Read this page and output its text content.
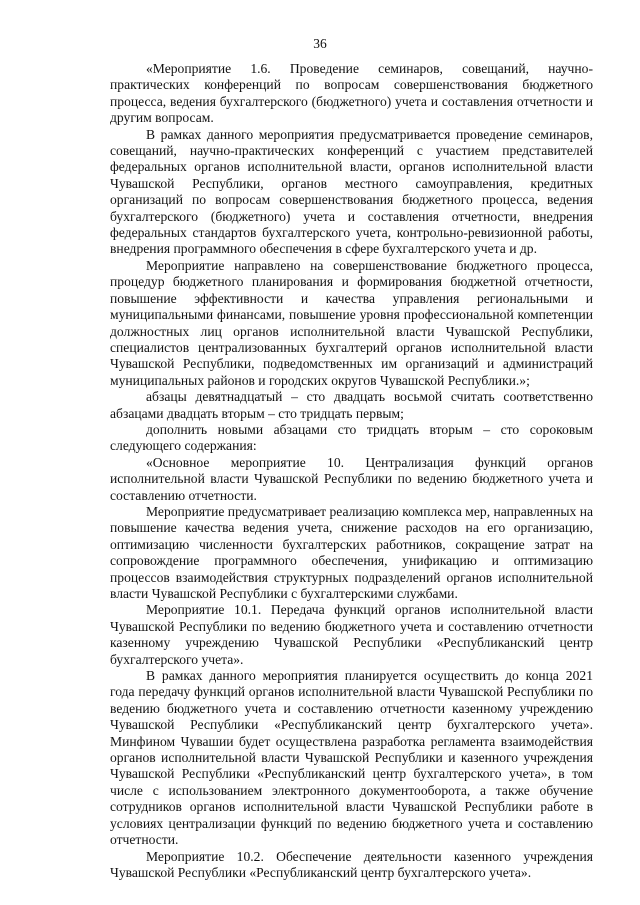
36

«Мероприятие 1.6. Проведение семинаров, совещаний, научно-практических конференций по вопросам совершенствования бюджетного процесса, ведения бухгалтерского (бюджетного) учета и составления отчетности и другим вопросам.

В рамках данного мероприятия предусматривается проведение семинаров, совещаний, научно-практических конференций с участием представителей федеральных органов исполнительной власти, органов исполнительной власти Чувашской Республики, органов местного самоуправления, кредитных организаций по вопросам совершенствования бюджетного процесса, ведения бухгалтерского (бюджетного) учета и составления отчетности, внедрения федеральных стандартов бухгалтерского учета, контрольно-ревизионной работы, внедрения программного обеспечения в сфере бухгалтерского учета и др.

Мероприятие направлено на совершенствование бюджетного процесса, процедур бюджетного планирования и формирования бюджетной отчетности, повышение эффективности и качества управления региональными и муниципальными финансами, повышение уровня профессиональной компетенции должностных лиц органов исполнительной власти Чувашской Республики, специалистов централизованных бухгалтерий органов исполнительной власти Чувашской Республики, подведомственных им организаций и администраций муниципальных районов и городских округов Чувашской Республики.»;

абзацы девятнадцатый – сто двадцать восьмой считать соответственно абзацами двадцать вторым – сто тридцать первым;

дополнить новыми абзацами сто тридцать вторым – сто сороковым следующего содержания:

«Основное мероприятие 10. Централизация функций органов исполнительной власти Чувашской Республики по ведению бюджетного учета и составлению отчетности.

Мероприятие предусматривает реализацию комплекса мер, направленных на повышение качества ведения учета, снижение расходов на его организацию, оптимизацию численности бухгалтерских работников, сокращение затрат на сопровождение программного обеспечения, унификацию и оптимизацию процессов взаимодействия структурных подразделений органов исполнительной власти Чувашской Республики с бухгалтерскими службами.

Мероприятие 10.1. Передача функций органов исполнительной власти Чувашской Республики по ведению бюджетного учета и составлению отчетности казенному учреждению Чувашской Республики «Республиканский центр бухгалтерского учета».

В рамках данного мероприятия планируется осуществить до конца 2021 года передачу функций органов исполнительной власти Чувашской Республики по ведению бюджетного учета и составлению отчетности казенному учреждению Чувашской Республики «Республиканский центр бухгалтерского учета». Минфином Чувашии будет осуществлена разработка регламента взаимодействия органов исполнительной власти Чувашской Республики и казенного учреждения Чувашской Республики «Республиканский центр бухгалтерского учета», в том числе с использованием электронного документооборота, а также обучение сотрудников органов исполнительной власти Чувашской Республики работе в условиях централизации функций по ведению бюджетного учета и составлению отчетности.

Мероприятие 10.2. Обеспечение деятельности казенного учреждения Чувашской Республики «Республиканский центр бухгалтерского учета».
